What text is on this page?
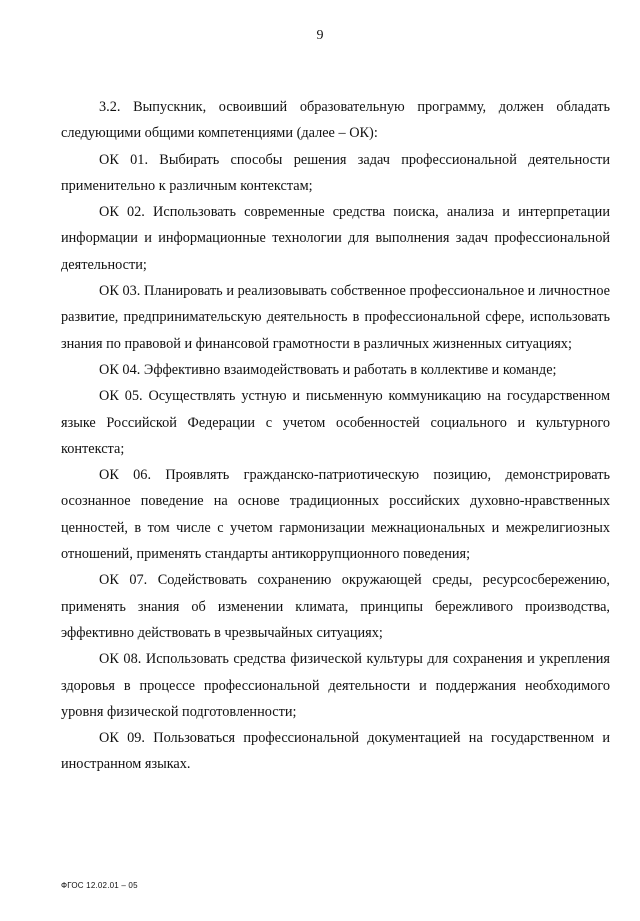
9

3.2. Выпускник, освоивший образовательную программу, должен обладать следующими общими компетенциями (далее – ОК):

ОК 01. Выбирать способы решения задач профессиональной деятельности применительно к различным контекстам;

ОК 02. Использовать современные средства поиска, анализа и интерпретации информации и информационные технологии для выполнения задач профессиональной деятельности;

ОК 03. Планировать и реализовывать собственное профессиональное и личностное развитие, предпринимательскую деятельность в профессиональной сфере, использовать знания по правовой и финансовой грамотности в различных жизненных ситуациях;

ОК 04. Эффективно взаимодействовать и работать в коллективе и команде;

ОК 05. Осуществлять устную и письменную коммуникацию на государственном языке Российской Федерации с учетом особенностей социального и культурного контекста;

ОК 06. Проявлять гражданско-патриотическую позицию, демонстрировать осознанное поведение на основе традиционных российских духовно-нравственных ценностей, в том числе с учетом гармонизации межнациональных и межрелигиозных отношений, применять стандарты антикоррупционного поведения;

ОК 07. Содействовать сохранению окружающей среды, ресурсосбережению, применять знания об изменении климата, принципы бережливого производства, эффективно действовать в чрезвычайных ситуациях;

ОК 08. Использовать средства физической культуры для сохранения и укрепления здоровья в процессе профессиональной деятельности и поддержания необходимого уровня физической подготовленности;

ОК 09. Пользоваться профессиональной документацией на государственном и иностранном языках.

ФГОС 12.02.01 – 05
